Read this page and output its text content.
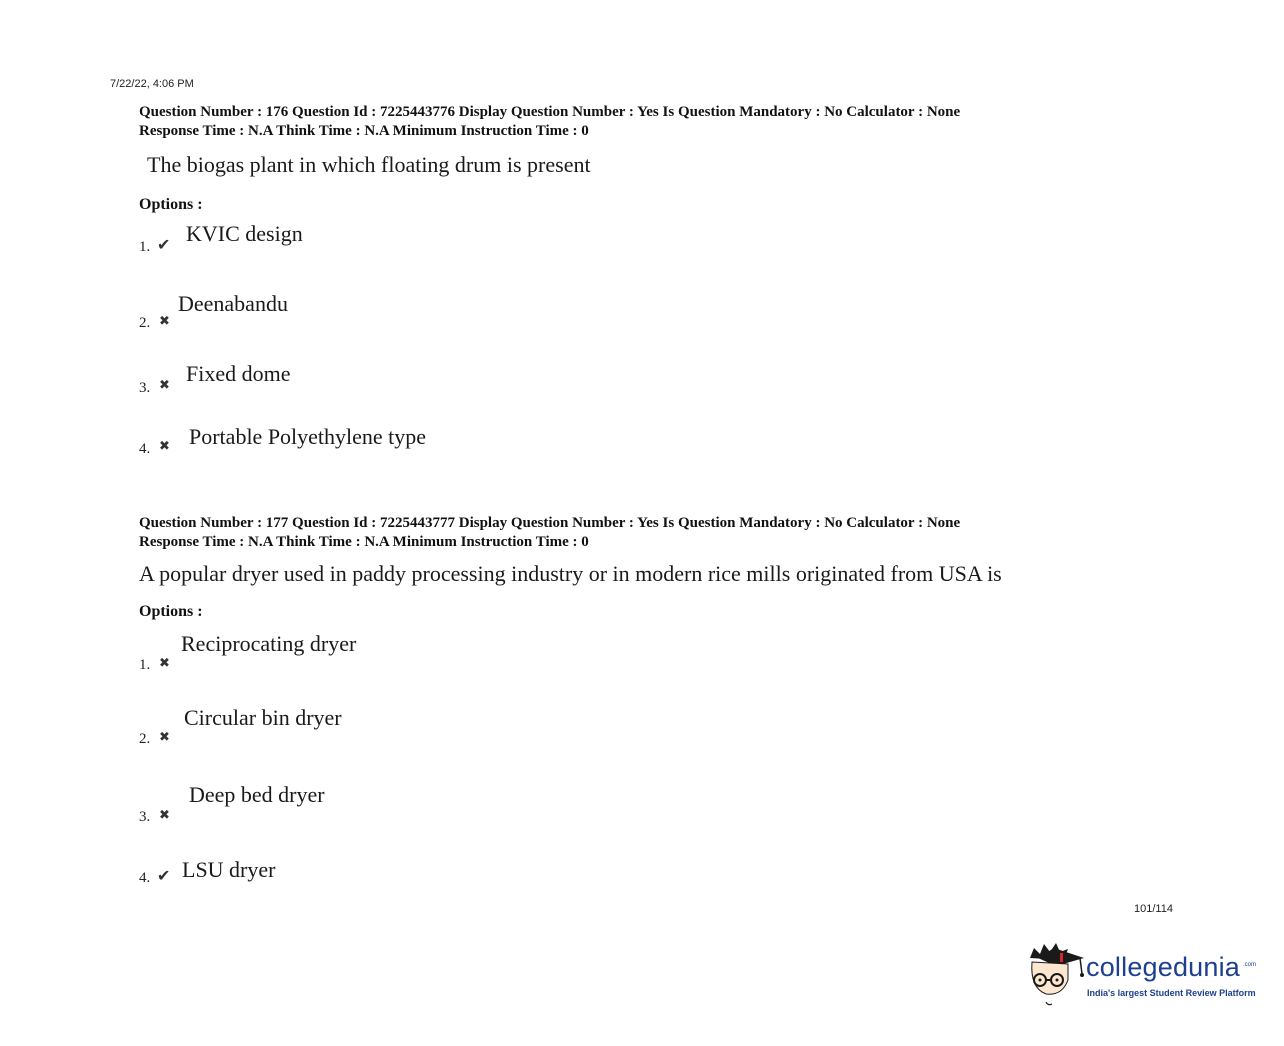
7/22/22, 4:06 PM
Question Number : 176 Question Id : 7225443776 Display Question Number : Yes Is Question Mandatory : No Calculator : None
Response Time : N.A Think Time : N.A Minimum Instruction Time : 0
The biogas plant in which floating drum is present
Options :
1. ✔ KVIC design
2. ✖
Deenabandu
3. ✖ Fixed dome
4. ✖ Portable Polyethylene type
Question Number : 177 Question Id : 7225443777 Display Question Number : Yes Is Question Mandatory : No Calculator : None
Response Time : N.A Think Time : N.A Minimum Instruction Time : 0
A popular dryer used in paddy processing industry or in modern rice mills originated from USA is
Options :
1. ✖
Reciprocating dryer
2. ✖
Circular bin dryer
3. ✖
Deep bed dryer
4. ✔ LSU dryer
101/114
collegedunia .com
India's largest Student Review Platform
